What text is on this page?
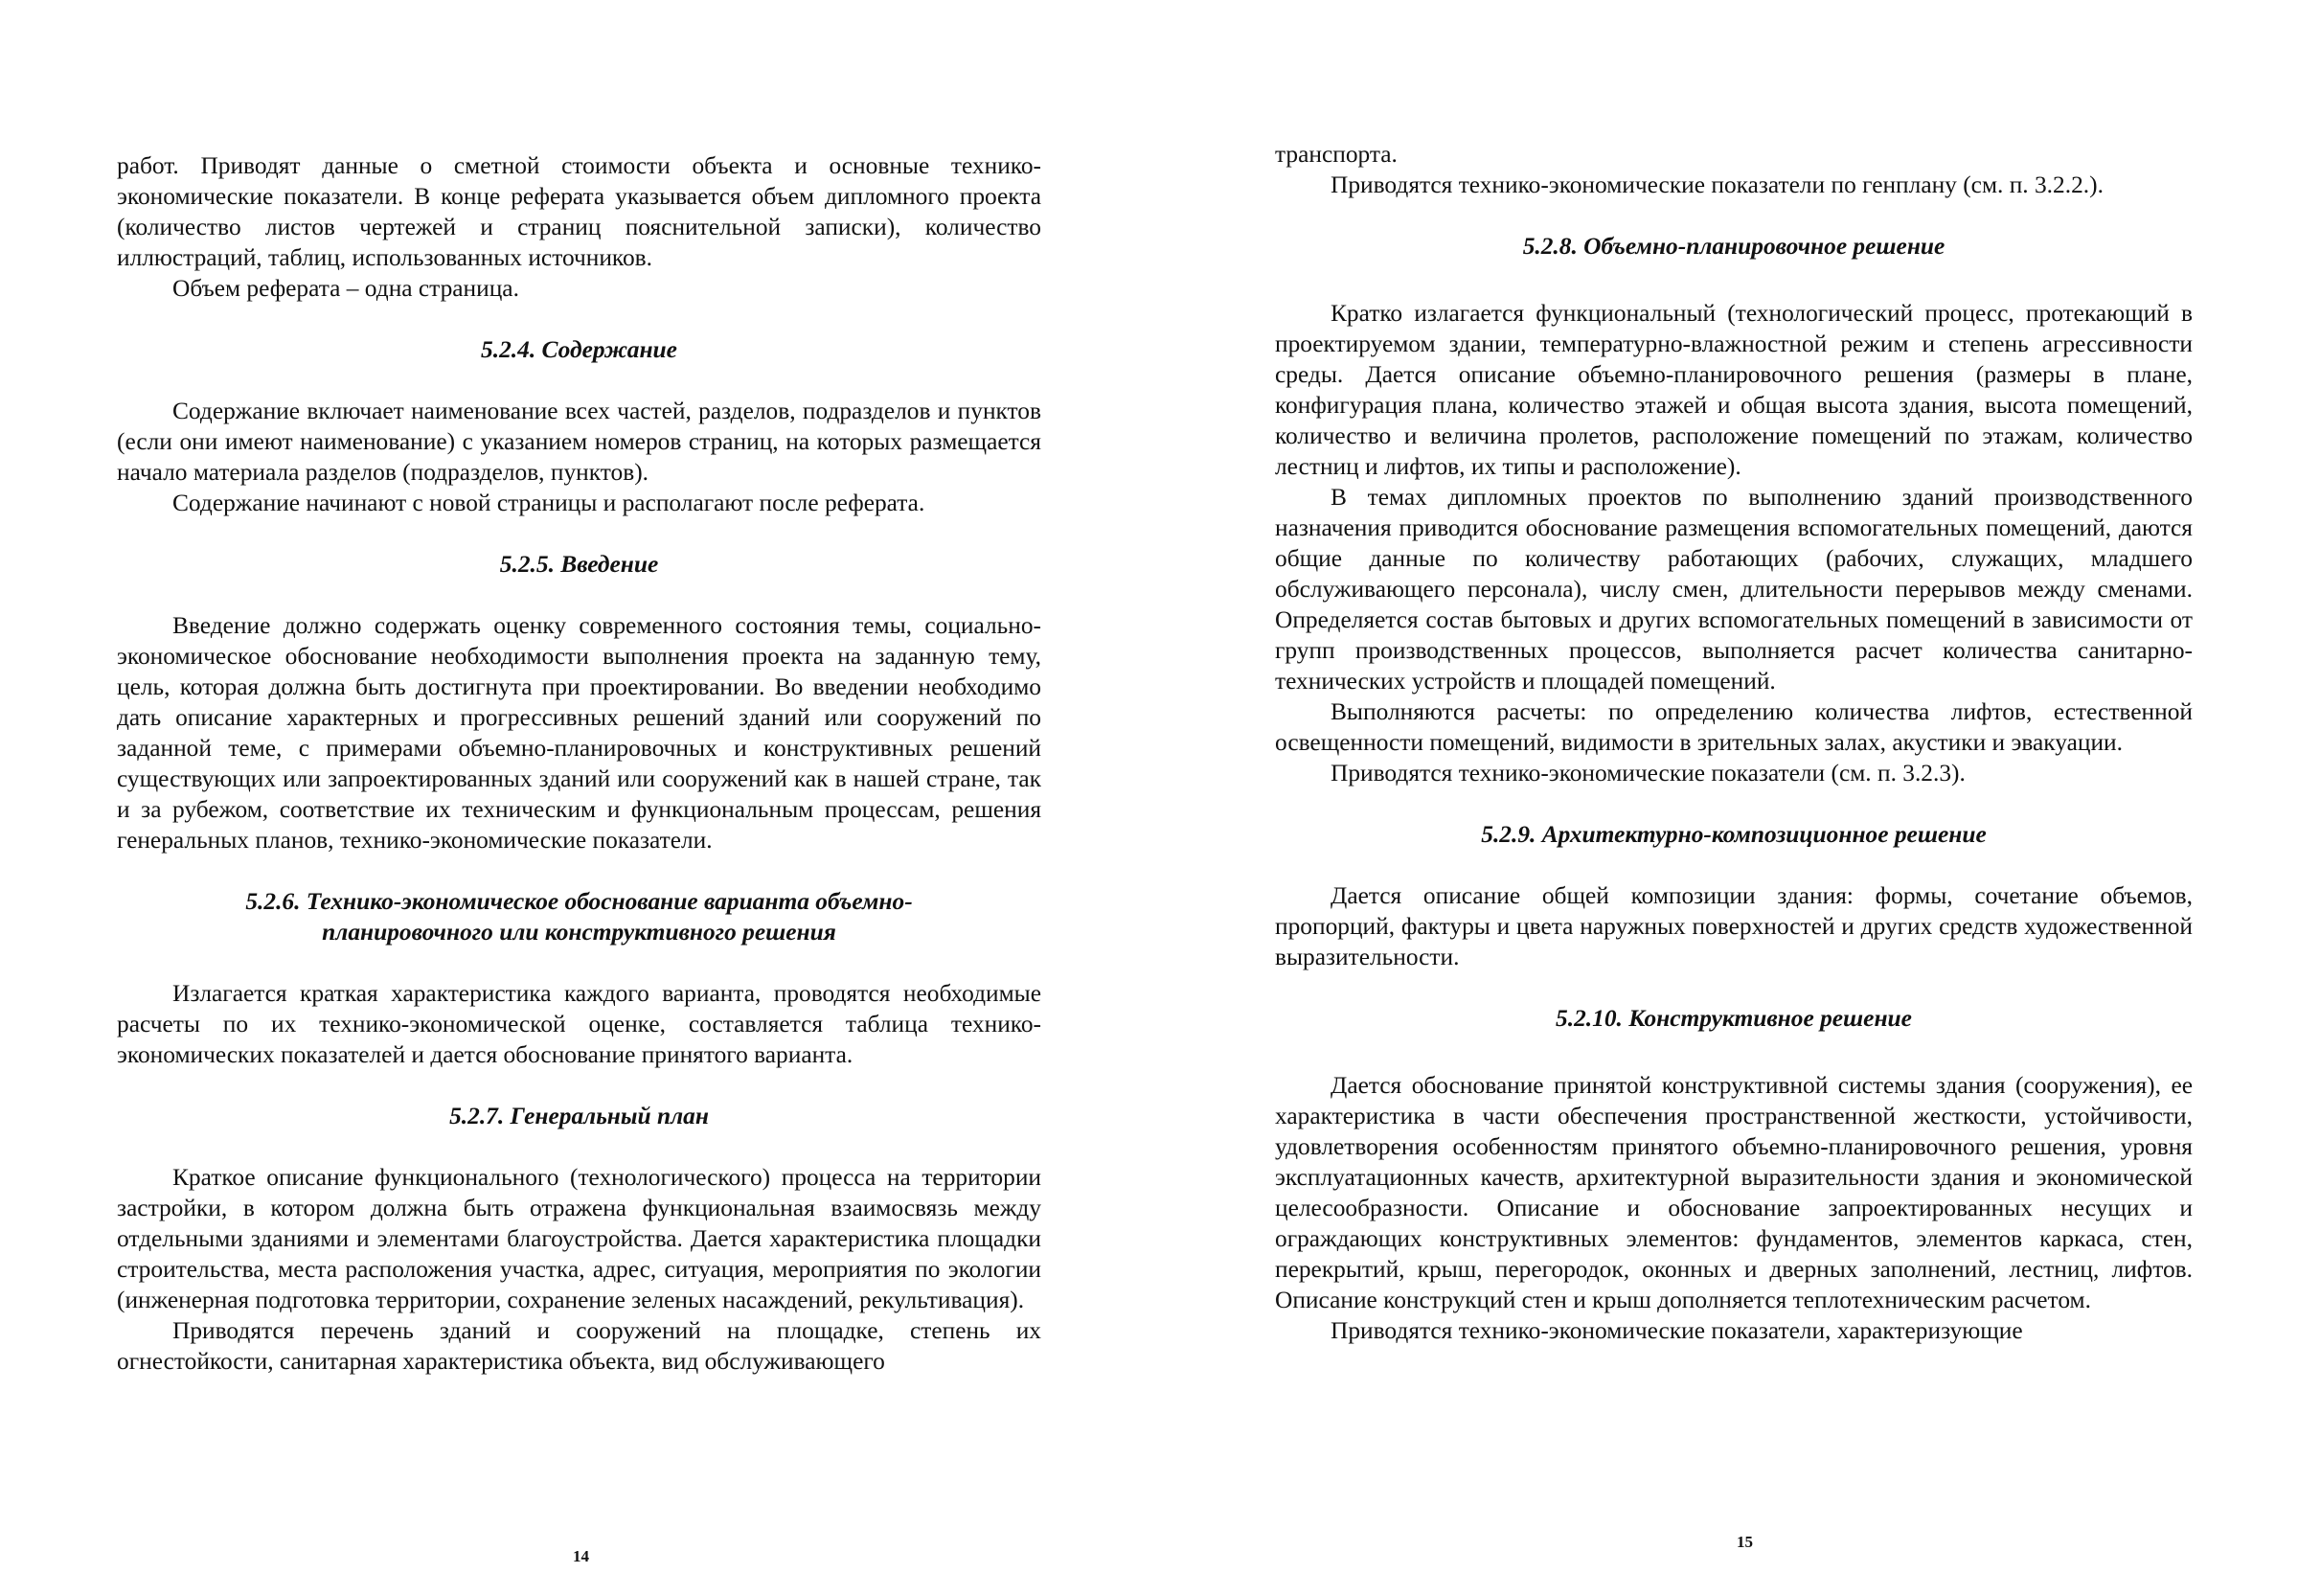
работ. Приводят данные о сметной стоимости объекта и основные технико-экономические показатели. В конце реферата указывается объем дипломного проекта (количество листов чертежей и страниц пояснительной записки), количество иллюстраций, таблиц, использованных источников.

Объем реферата – одна страница.

5.2.4. Содержание

Содержание включает наименование всех частей, разделов, подразделов и пунктов (если они имеют наименование) с указанием номеров страниц, на которых размещается начало материала разделов (подразделов, пунктов).

Содержание начинают с новой страницы и располагают после реферата.

5.2.5. Введение

Введение должно содержать оценку современного состояния темы, социально-экономическое обоснование необходимости выполнения проекта на заданную тему, цель, которая должна быть достигнута при проектировании. Во введении необходимо дать описание характерных и прогрессивных решений зданий или сооружений по заданной теме, с примерами объемно-планировочных и конструктивных решений существующих или запроектированных зданий или сооружений как в нашей стране, так и за рубежом, соответствие их техническим и функциональным процессам, решения генеральных планов, технико-экономические показатели.

5.2.6. Технико-экономическое обоснование варианта объемно-
планировочного или конструктивного решения

Излагается краткая характеристика каждого варианта, проводятся необходимые расчеты по их технико-экономической оценке, составляется таблица технико-экономических показателей и дается обоснование принятого варианта.

5.2.7. Генеральный план

Краткое описание функционального (технологического) процесса на территории застройки, в котором должна быть отражена функциональная взаимосвязь между отдельными зданиями и элементами благоустройства. Дается характеристика площадки строительства, места расположения участка, адрес, ситуация, мероприятия по экологии (инженерная подготовка территории, сохранение зеленых насаждений, рекультивация).

Приводятся перечень зданий и сооружений на площадке, степень их огнестойкости, санитарная характеристика объекта, вид обслуживающего

14

транспорта.

Приводятся технико-экономические показатели по генплану (см. п. 3.2.2.).

5.2.8. Объемно-планировочное решение

Кратко излагается функциональный (технологический процесс, протекающий в проектируемом здании, температурно-влажностной режим и степень агрессивности среды. Дается описание объемно-планировочного решения (размеры в плане, конфигурация плана, количество этажей и общая высота здания, высота помещений, количество и величина пролетов, расположение помещений по этажам, количество лестниц и лифтов, их типы и расположение).

В темах дипломных проектов по выполнению зданий производственного назначения приводится обоснование размещения вспомогательных помещений, даются общие данные по количеству работающих (рабочих, служащих, младшего обслуживающего персонала), числу смен, длительности перерывов между сменами. Определяется состав бытовых и других вспомогательных помещений в зависимости от групп производственных процессов, выполняется расчет количества санитарно-технических устройств и площадей помещений.

Выполняются расчеты: по определению количества лифтов, естественной освещенности помещений, видимости в зрительных залах, акустики и эвакуации.

Приводятся технико-экономические показатели (см. п. 3.2.3).

5.2.9. Архитектурно-композиционное решение

Дается описание общей композиции здания: формы, сочетание объемов, пропорций, фактуры и цвета наружных поверхностей и других средств художественной выразительности.

5.2.10. Конструктивное решение

Дается обоснование принятой конструктивной системы здания (сооружения), ее характеристика в части обеспечения пространственной жесткости, устойчивости, удовлетворения особенностям принятого объемно-планировочного решения, уровня эксплуатационных качеств, архитектурной выразительности здания и экономической целесообразности. Описание и обоснование запроектированных несущих и ограждающих конструктивных элементов: фундаментов, элементов каркаса, стен, перекрытий, крыш, перегородок, оконных и дверных заполнений, лестниц, лифтов. Описание конструкций стен и крыш дополняется теплотехническим расчетом.

Приводятся технико-экономические показатели, характеризующие

15
